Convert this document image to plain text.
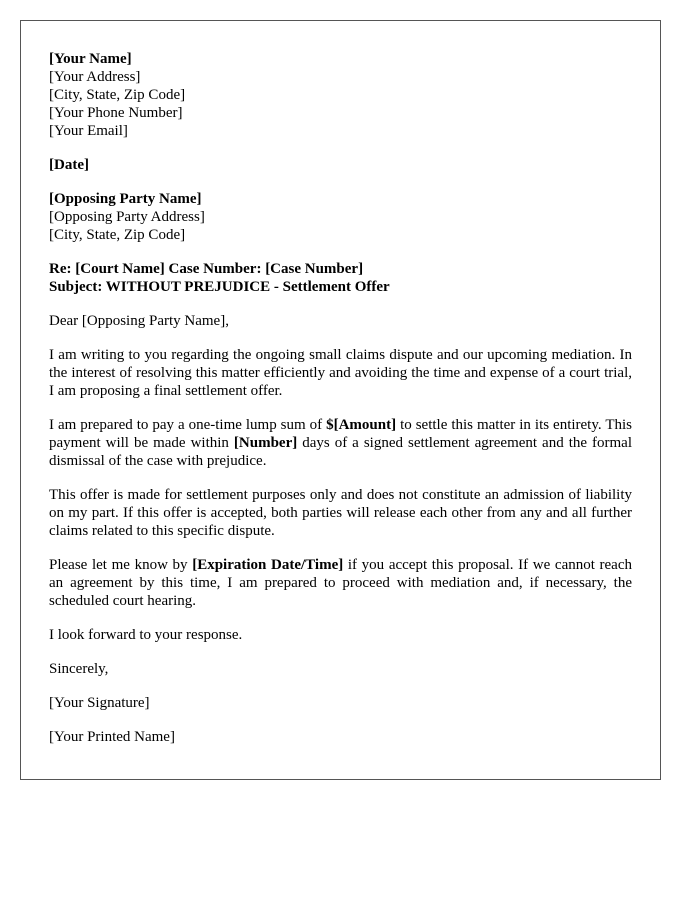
[Your Name]
[Your Address]
[City, State, Zip Code]
[Your Phone Number]
[Your Email]
[Date]
[Opposing Party Name]
[Opposing Party Address]
[City, State, Zip Code]
Re: [Court Name] Case Number: [Case Number]
Subject: WITHOUT PREJUDICE - Settlement Offer

Dear [Opposing Party Name],

I am writing to you regarding the ongoing small claims dispute and our upcoming mediation. In the interest of resolving this matter efficiently and avoiding the time and expense of a court trial, I am proposing a final settlement offer.

I am prepared to pay a one-time lump sum of $[Amount] to settle this matter in its entirety. This payment will be made within [Number] days of a signed settlement agreement and the formal dismissal of the case with prejudice.

This offer is made for settlement purposes only and does not constitute an admission of liability on my part. If this offer is accepted, both parties will release each other from any and all further claims related to this specific dispute.

Please let me know by [Expiration Date/Time] if you accept this proposal. If we cannot reach an agreement by this time, I am prepared to proceed with mediation and, if necessary, the scheduled court hearing.

I look forward to your response.

Sincerely,

[Your Signature]

[Your Printed Name]
